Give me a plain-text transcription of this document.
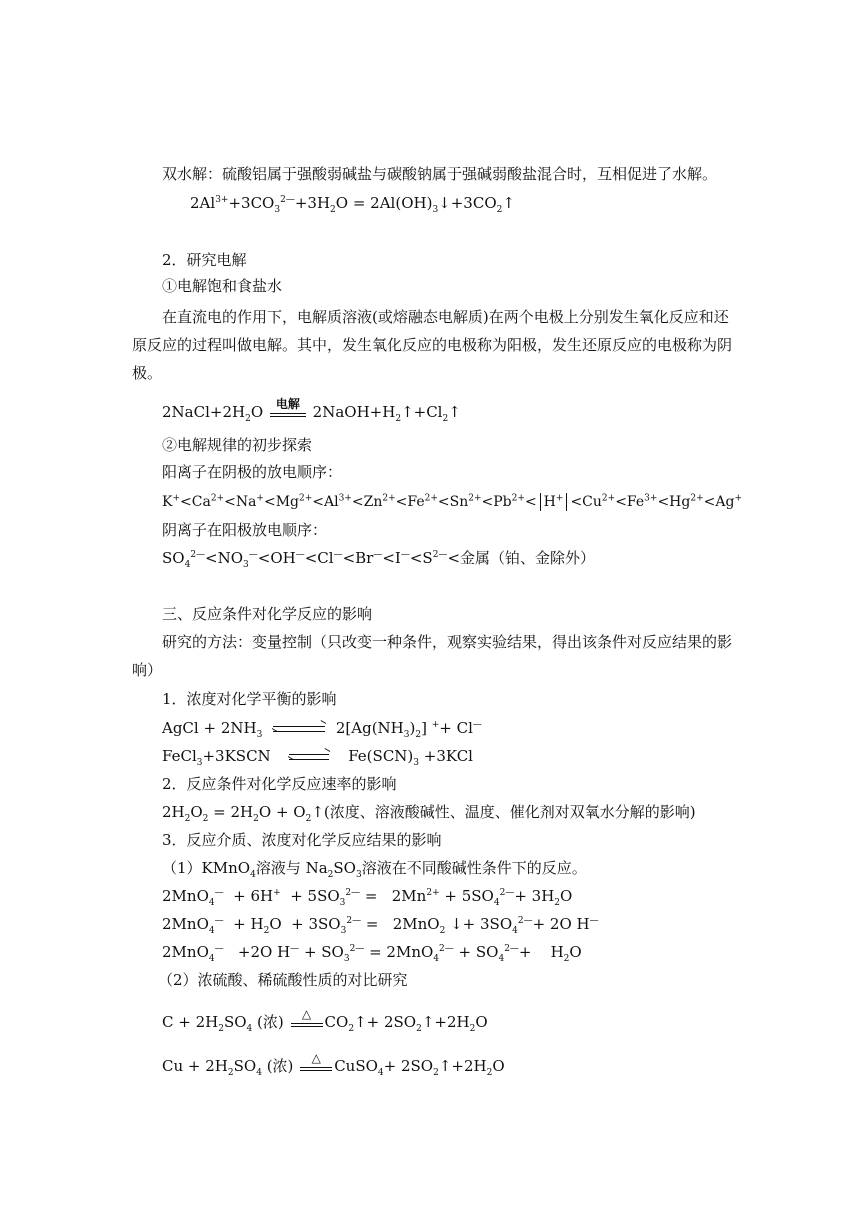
双水解：硫酸铝属于强酸弱碱盐与碳酸钠属于强碱弱酸盐混合时，互相促进了水解。
$2Al^{3+}+3CO_3^{2—}+3H_2O$ = $2Al(OH)_3↓+3CO_2↑$
2．研究电解
①电解饱和食盐水
在直流电的作用下，电解质溶液(或熔融态电解质)在两个电极上分别发生氧化反应和还
原反应的过程叫做电解。其中，发生氧化反应的电极称为阳极，发生还原反应的电极称为阴
极。
$2NaCl+2H_2O$ 电解 $2NaOH+H_2↑+Cl_2↑$
②电解规律的初步探索
阳离子在阴极的放电顺序：
$K^+<Ca^{2+}<Na^+<Mg^{2+}<Al^{3+}<Zn^{2+}<Fe^{2+}<Sn^{2+}<Pb^{2+}< H^+ <Cu^{2+}<Fe^{3+}<Hg^{2+}<Ag^+$
阴离子在阳极放电顺序：
$SO_4^{2—}<NO_3^—<OH^—<Cl^—<Br^—<I^—<S^{2—}<$金属（铂、金除外）
三、反应条件对化学反应的影响
研究的方法：变量控制（只改变一种条件，观察实验结果，得出该条件对反应结果的影
响）
1．浓度对化学平衡的影响
AgCl + $2NH_3$	$2[Ag(NH_3)_2]$ ++ Cl—
FeCl$_3$+3KSCN	$Fe(SCN)_3 +3KCl$
2．反应条件对化学反应速率的影响
$2H_2O_2 = 2H_2O$ + $O_2↑$(浓度、溶液酸碱性、温度、催化剂对双氧水分解的影响)
3．反应介质、浓度对化学反应结果的影响
（1）KMnO$_4$溶液与 $Na_2SO_3$溶液在不同酸碱性条件下的反应。
$2MnO_4^— + 6H^+ + 5SO_3^{2—} = 2Mn^{2+} + 5SO_4^{2—}+ 3H_2O$
$2MnO_4^— + H_2O + 3SO_3^{2—} = 2MnO_2$ ↓+ $3SO_4^{2—}+ 2O$ H—
2MnO$_4$—   +2O $H^— + SO_3^{2—} = 2MnO_4^{2—} + SO_4^{2—}+$    $H_2O$
（2）浓硫酸、稀硫酸性质的对比研究
$C + 2H_2SO_4$ (浓)	△ $CO_2↑+$ $2SO_2↑+2H_2O$
$Cu + 2H_2SO_4$ (浓)	△ CuSO$_4$+ $2SO_2↑+2H_2O$
